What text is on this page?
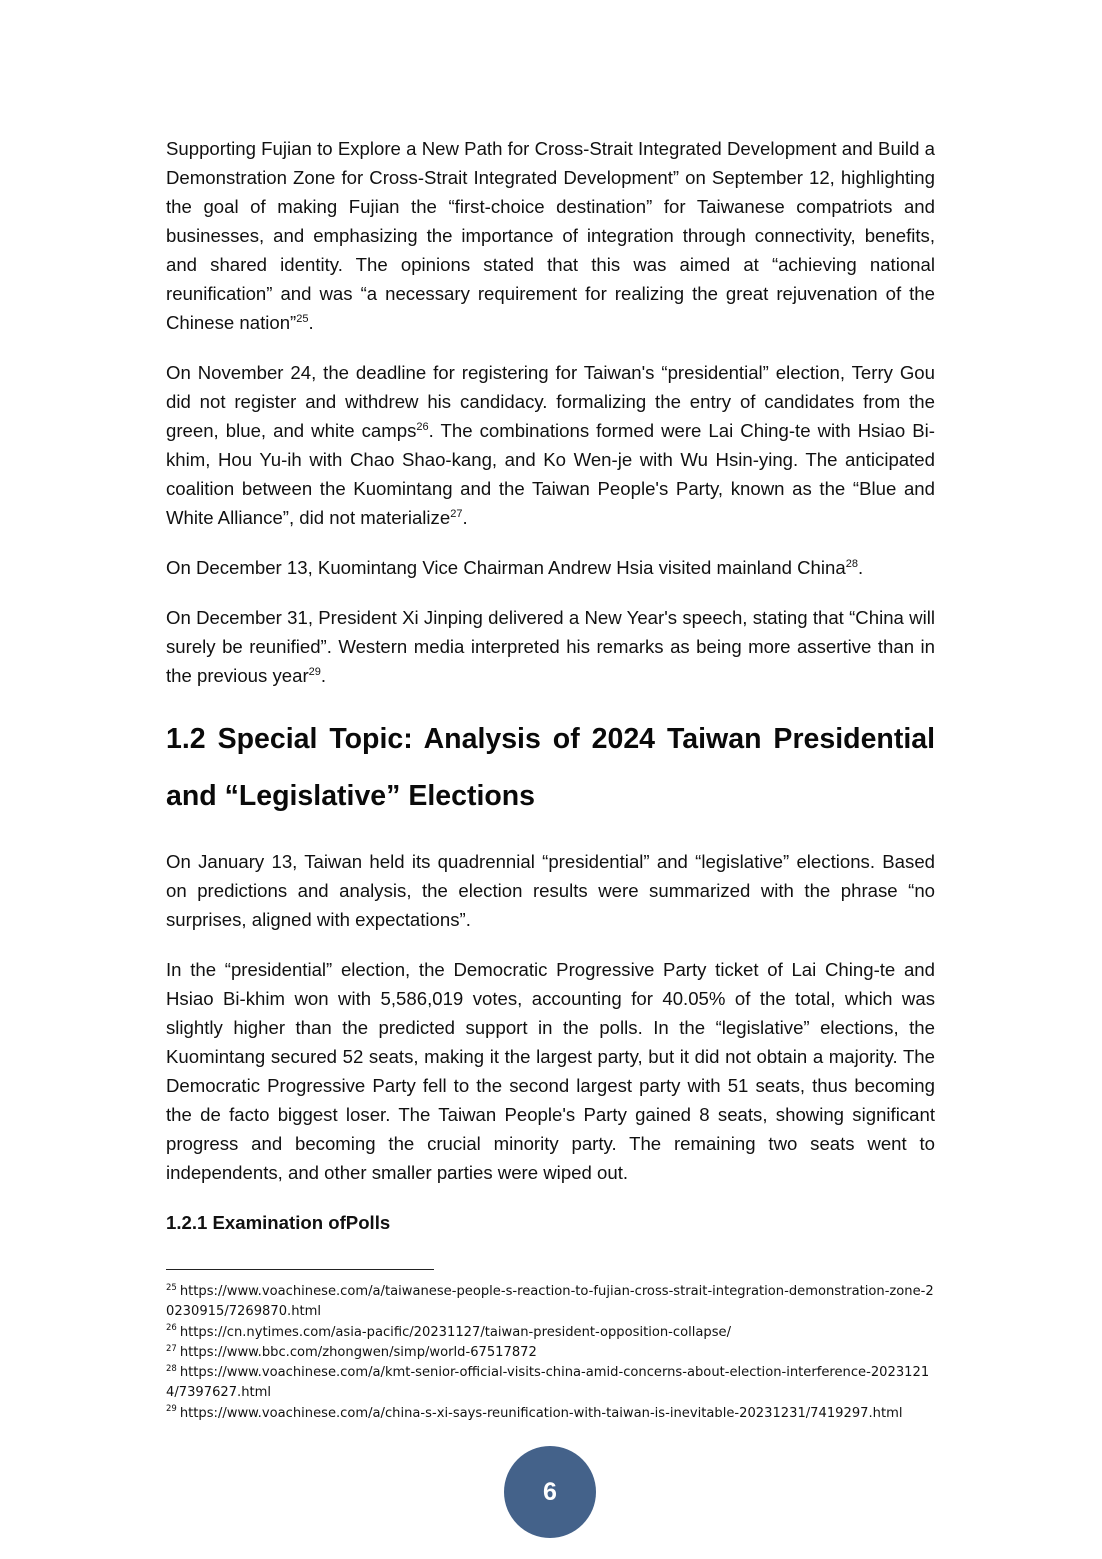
Supporting Fujian to Explore a New Path for Cross-Strait Integrated Development and Build a Demonstration Zone for Cross-Strait Integrated Development” on September 12, highlighting the goal of making Fujian the “first-choice destination” for Taiwanese compatriots and businesses, and emphasizing the importance of integration through connectivity, benefits, and shared identity. The opinions stated that this was aimed at “achieving national reunification” and was “a necessary requirement for realizing the great rejuvenation of the Chinese nation”$^{25}$.

On November 24, the deadline for registering for Taiwan's “presidential” election, Terry Gou did not register and withdrew his candidacy. formalizing the entry of candidates from the green, blue, and white camps$^{26}$. The combinations formed were Lai Ching-te with Hsiao Bi-khim, Hou Yu-ih with Chao Shao-kang, and Ko Wen-je with Wu Hsin-ying. The anticipated coalition between the Kuomintang and the Taiwan People's Party, known as the “Blue and White Alliance”, did not materialize$^{27}$.

On December 13, Kuomintang Vice Chairman Andrew Hsia visited mainland China$^{28}$.

On December 31, President Xi Jinping delivered a New Year's speech, stating that “China will surely be reunified”. Western media interpreted his remarks as being more assertive than in the previous year$^{29}$.

1.2 Special Topic: Analysis of 2024 Taiwan Presidential and “Legislative” Elections

On January 13, Taiwan held its quadrennial “presidential” and “legislative” elections. Based on predictions and analysis, the election results were summarized with the phrase “no surprises, aligned with expectations”.

In the “presidential” election, the Democratic Progressive Party ticket of Lai Ching-te and Hsiao Bi-khim won with 5,586,019 votes, accounting for 40.05% of the total, which was slightly higher than the predicted support in the polls. In the “legislative” elections, the Kuomintang secured 52 seats, making it the largest party, but it did not obtain a majority. The Democratic Progressive Party fell to the second largest party with 51 seats, thus becoming the de facto biggest loser. The Taiwan People's Party gained 8 seats, showing significant progress and becoming the crucial minority party. The remaining two seats went to independents, and other smaller parties were wiped out.

1.2.1 Examination ofPolls

$^{25}$ https://www.voachinese.com/a/taiwanese-people-s-reaction-to-fujian-cross-strait-integration-demonstration-zone-20230915/7269870.html

$^{26}$ https://cn.nytimes.com/asia-pacific/20231127/taiwan-president-opposition-collapse/

$^{27}$ https://www.bbc.com/zhongwen/simp/world-67517872

$^{28}$ https://www.voachinese.com/a/kmt-senior-official-visits-china-amid-concerns-about-election-interference-20231214/7397627.html

$^{29}$ https://www.voachinese.com/a/china-s-xi-says-reunification-with-taiwan-is-inevitable-20231231/7419297.html

6
